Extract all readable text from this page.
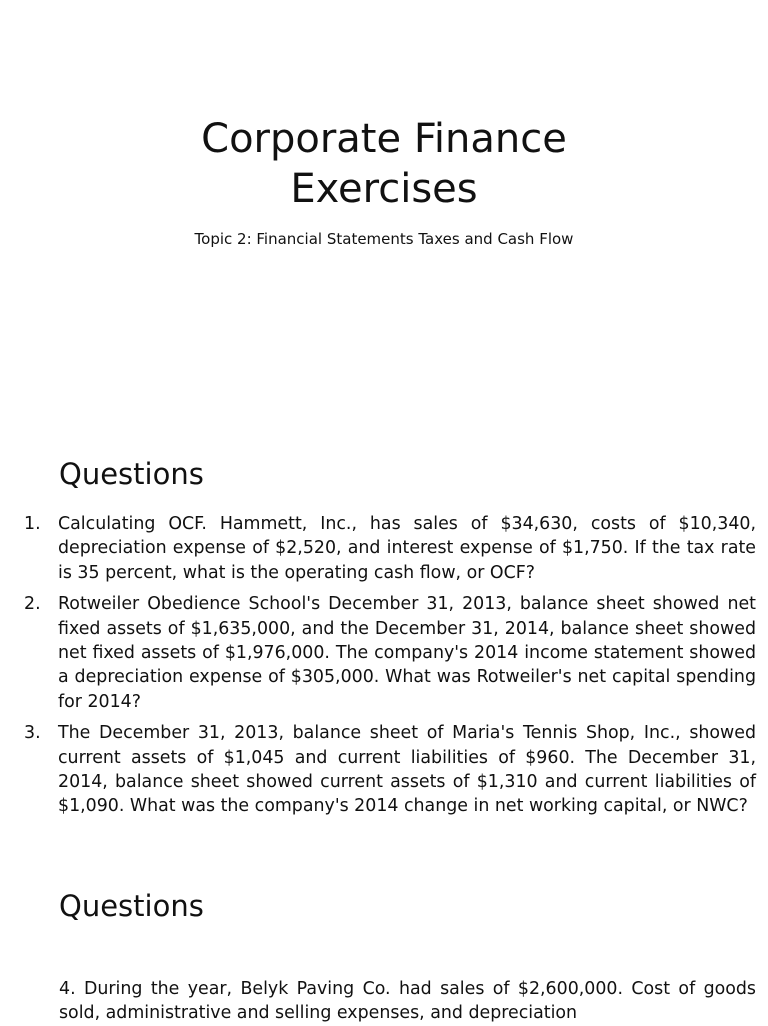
Corporate Finance
Exercises
Topic 2: Financial Statements Taxes and Cash Flow
Questions
1. Calculating OCF. Hammett, Inc., has sales of $34,630, costs of $10,340, depreciation expense of $2,520, and interest expense of $1,750. If the tax rate is 35 percent, what is the operating cash flow, or OCF?
2. Rotweiler Obedience School's December 31, 2013, balance sheet showed net fixed assets of $1,635,000, and the December 31, 2014, balance sheet showed net fixed assets of $1,976,000. The company's 2014 income statement showed a depreciation expense of $305,000. What was Rotweiler's net capital spending for 2014?
3. The December 31, 2013, balance sheet of Maria's Tennis Shop, Inc., showed current assets of $1,045 and current liabilities of $960. The December 31, 2014, balance sheet showed current assets of $1,310 and current liabilities of $1,090. What was the company's 2014 change in net working capital, or NWC?
Questions

4. During the year, Belyk Paving Co. had sales of $2,600,000. Cost of goods sold, administrative and selling expenses, and depreciation
